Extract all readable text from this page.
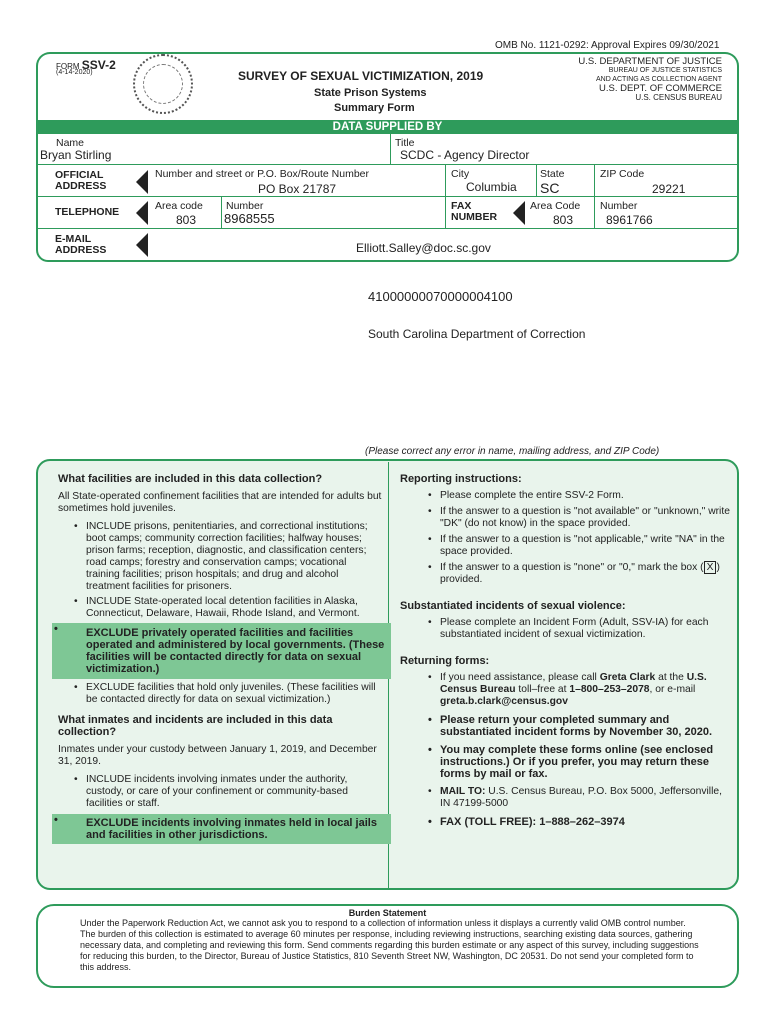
OMB No. 1121-0292: Approval Expires 09/30/2021
FORM SSV-2
(4-14-2020)	SURVEY OF SEXUAL VICTIMIZATION, 2019
State Prison Systems
Summary Form
U.S. DEPARTMENT OF JUSTICE
BUREAU OF JUSTICE STATISTICS
AND ACTING AS COLLECTION AGENT
U.S. DEPT. OF COMMERCE
U.S. CENSUS BUREAU
DATA SUPPLIED BY
Name
Bryan Stirling
Title
SCDC - Agency Director
OFFICIAL ADDRESS
Number and street or P.O. Box/Route Number
PO Box 21787
City
Columbia
State
SC
ZIP Code
29221
TELEPHONE	Area code
803
Number
8968555
FAX NUMBER
Area Code
803
Number
8961766
E-MAIL ADDRESS	Elliott.Salley@doc.sc.gov
41000000070000004100
South Carolina Department of Correction
(Please correct any error in name, mailing address, and ZIP Code)
What facilities are included in this data collection?
All State-operated confinement facilities that are intended for adults but sometimes hold juveniles.
• INCLUDE prisons, penitentiaries, and correctional institutions; boot camps; community correction facilities; halfway houses; prison farms; reception, diagnostic, and classification centers; road camps; forestry and conservation camps; vocational training facilities; prison hospitals; and drug and alcohol treatment facilities for prisoners.
• INCLUDE State-operated local detention facilities in Alaska, Connecticut, Delaware, Hawaii, Rhode Island, and Vermont.
• EXCLUDE privately operated facilities and facilities operated and administered by local governments. (These facilities will be contacted directly for data on sexual victimization.)
• EXCLUDE facilities that hold only juveniles. (These facilities will be contacted directly for data on sexual victimization.)
What inmates and incidents are included in this data collection?
Inmates under your custody between January 1, 2019, and December 31, 2019.
• INCLUDE incidents involving inmates under the authority, custody, or care of your confinement or community-based facilities or staff.
• EXCLUDE incidents involving inmates held in local jails and facilities in other jurisdictions.
Reporting instructions:
• Please complete the entire SSV-2 Form.
• If the answer to a question is "not available" or "unknown," write "DK" (do not know) in the space provided.
• If the answer to a question is "not applicable," write "NA" in the space provided.
• If the answer to a question is "none" or "0," mark the box ( X ) provided.
Substantiated incidents of sexual violence:
• Please complete an Incident Form (Adult, SSV-IA) for each substantiated incident of sexual victimization.
Returning forms:
• If you need assistance, please call Greta Clark at the U.S. Census Bureau toll–free at 1–800–253–2078, or e-mail greta.b.clark@census.gov
• Please return your completed summary and substantiated incident forms by November 30, 2020.
• You may complete these forms online (see enclosed instructions.) Or if you prefer, you may return these forms by mail or fax.
• MAIL TO: U.S. Census Bureau, P.O. Box 5000, Jeffersonville, IN 47199-5000
• FAX (TOLL FREE): 1–888–262–3974
Burden Statement
Under the Paperwork Reduction Act, we cannot ask you to respond to a collection of information unless it displays a currently valid OMB control number. The burden of this collection is estimated to average 60 minutes per response, including reviewing instructions, searching existing data sources, gathering necessary data, and completing and reviewing this form. Send comments regarding this burden estimate or any aspect of this survey, including suggestions for reducing this burden, to the Director, Bureau of Justice Statistics, 810 Seventh Street NW, Washington, DC 20531. Do not send your completed form to this address.
